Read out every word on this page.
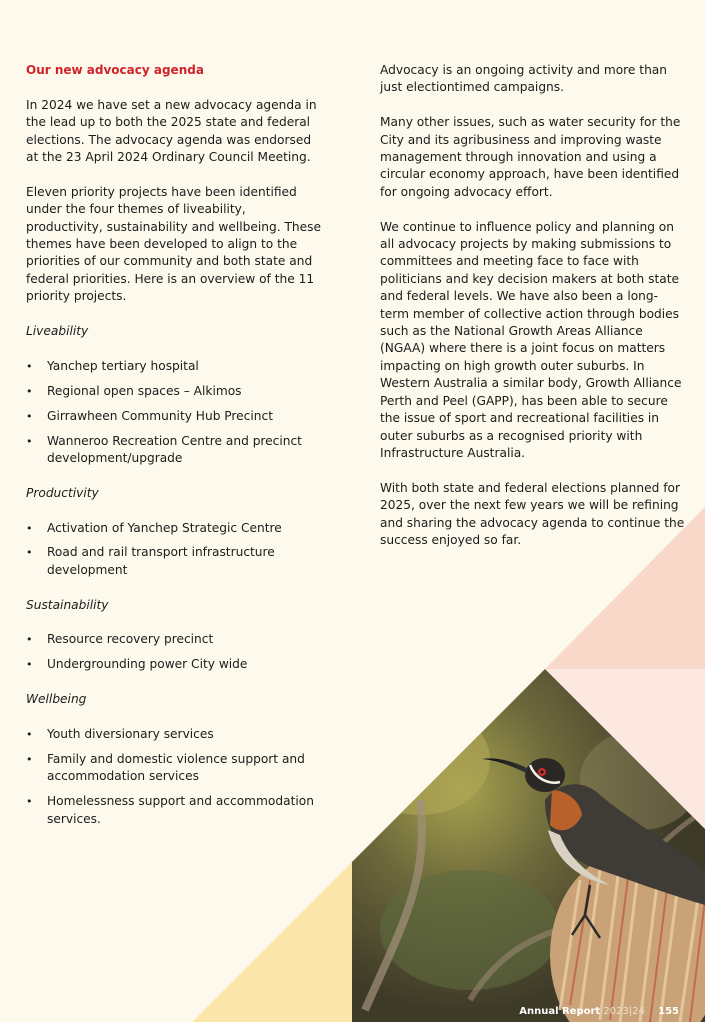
Our new advocacy agenda

In 2024 we have set a new advocacy agenda in the lead up to both the 2025 state and federal elections. The advocacy agenda was endorsed at the 23 April 2024 Ordinary Council Meeting.

Eleven priority projects have been identified under the four themes of liveability, productivity, sustainability and wellbeing. These themes have been developed to align to the priorities of our community and both state and federal priorities. Here is an overview of the 11 priority projects.

Liveability
• Yanchep tertiary hospital
• Regional open spaces – Alkimos
• Girrawheen Community Hub Precinct
• Wanneroo Recreation Centre and precinct development/upgrade
Productivity
• Activation of Yanchep Strategic Centre
• Road and rail transport infrastructure development
Sustainability
• Resource recovery precinct
• Undergrounding power City wide
Wellbeing
• Youth diversionary services
• Family and domestic violence support and accommodation services
• Homelessness support and accommodation services.

Advocacy is an ongoing activity and more than just electiontimed campaigns.

Many other issues, such as water security for the City and its agribusiness and improving waste management through innovation and using a circular economy approach, have been identified for ongoing advocacy effort.

We continue to influence policy and planning on all advocacy projects by making submissions to committees and meeting face to face with politicians and key decision makers at both state and federal levels. We have also been a long-term member of collective action through bodies such as the National Growth Areas Alliance (NGAA) where there is a joint focus on matters impacting on high growth outer suburbs. In Western Australia a similar body, Growth Alliance Perth and Peel (GAPP), has been able to secure the issue of sport and recreational facilities in outer suburbs as a recognised priority with Infrastructure Australia.

With both state and federal elections planned for 2025, over the next few years we will be refining and sharing the advocacy agenda to continue the success enjoyed so far.

Annual Report 2023|24 155
